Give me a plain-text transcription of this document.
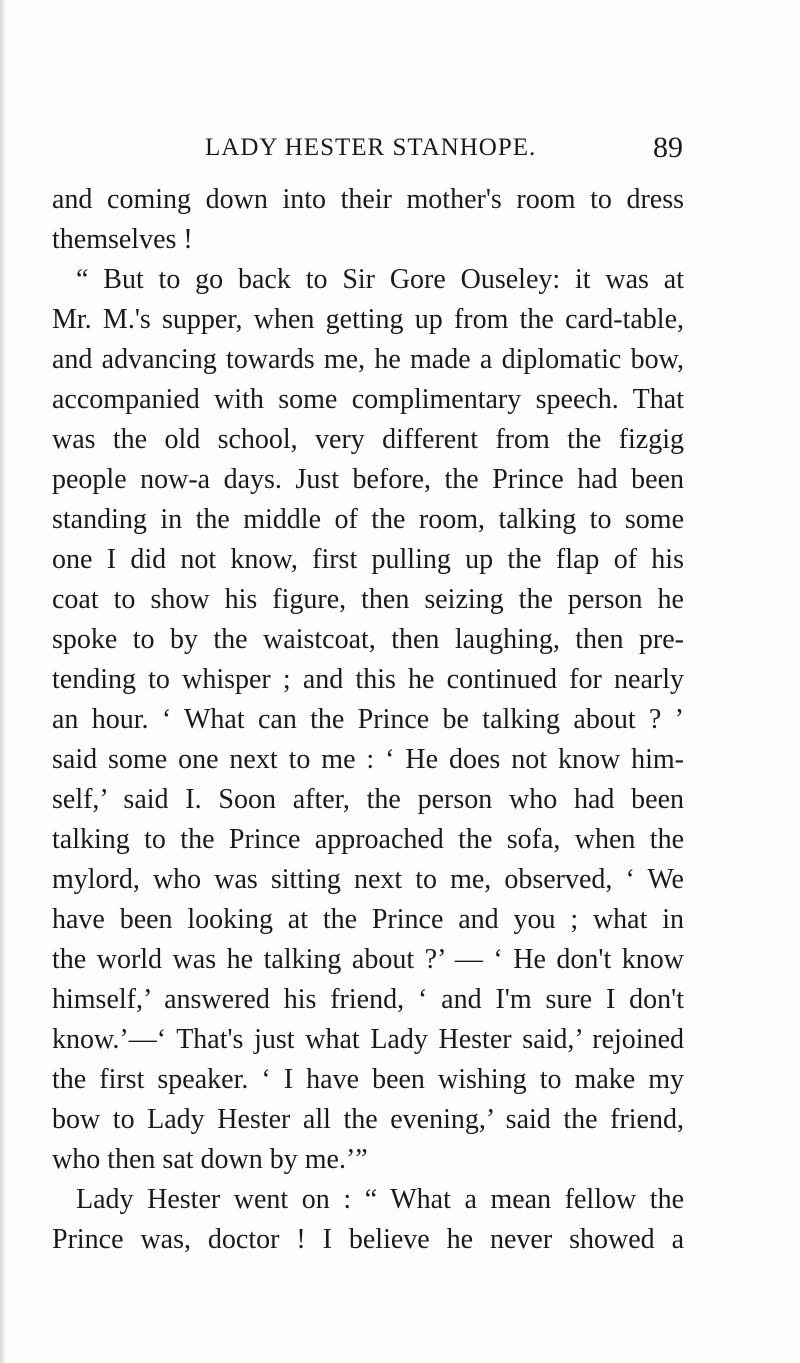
LADY HESTER STANHOPE.	89
and coming down into their mother's room to dress
themselves !
“ But to go back to Sir Gore Ouseley: it was at
Mr. M.'s supper, when getting up from the card-table,
and advancing towards me, he made a diplomatic bow,
accompanied with some complimentary speech. That
was the old school, very different from the fizgig
people now-a days. Just before, the Prince had been
standing in the middle of the room, talking to some
one I did not know, first pulling up the flap of his
coat to show his figure, then seizing the person he
spoke to by the waistcoat, then laughing, then pre-
tending to whisper ; and this he continued for nearly
an hour. ‘ What can the Prince be talking about ? ’
said some one next to me : ‘ He does not know him-
self,’ said I. Soon after, the person who had been
talking to the Prince approached the sofa, when the
mylord, who was sitting next to me, observed, ‘ We
have been looking at the Prince and you ; what in
the world was he talking about ?’ — ‘ He don't know
himself,’ answered his friend, ‘ and I'm sure I don't
know.’—‘ That's just what Lady Hester said,’ rejoined
the first speaker. ‘ I have been wishing to make my
bow to Lady Hester all the evening,’ said the friend,
who then sat down by me.’”
Lady Hester went on : “ What a mean fellow the
Prince was, doctor ! I believe he never showed a
